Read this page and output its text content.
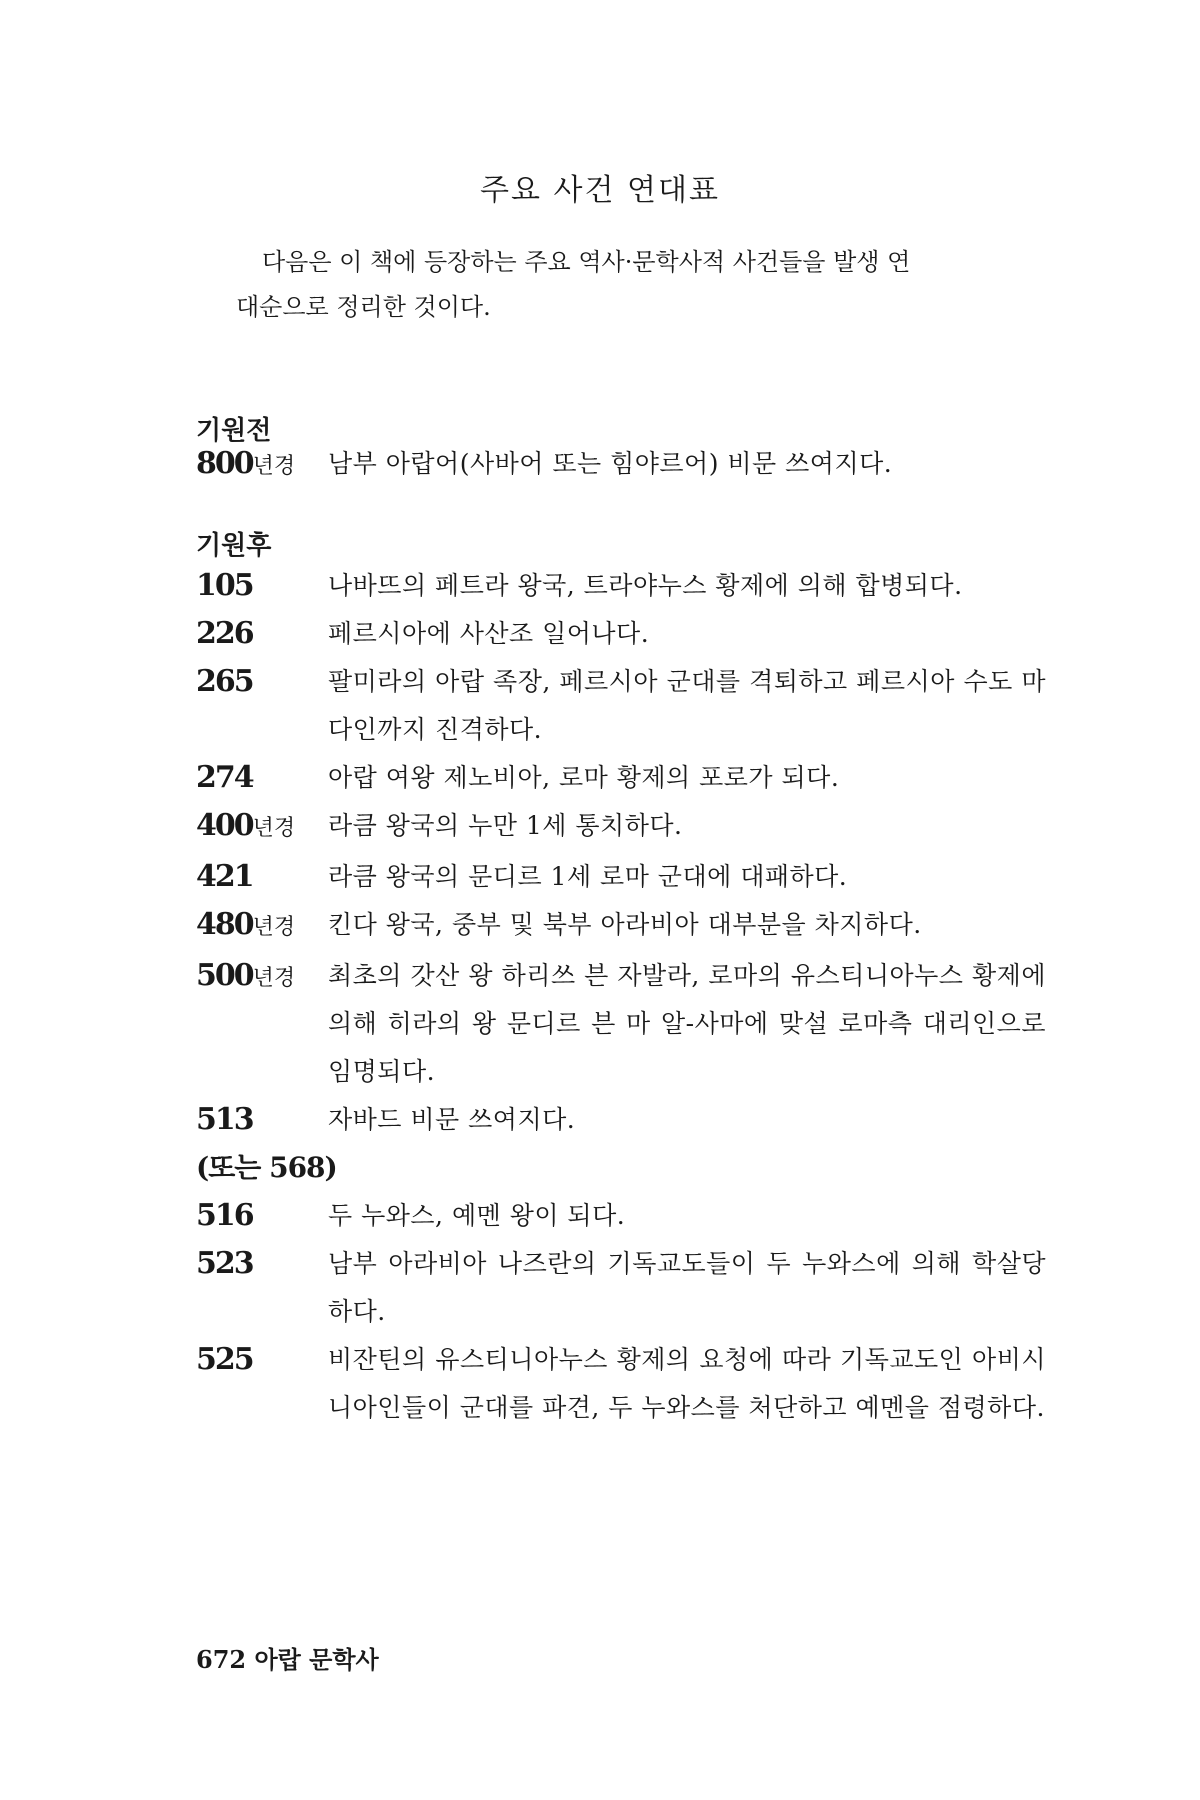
주요 사건 연대표
다음은 이 책에 등장하는 주요 역사·문학사적 사건들을 발생 연
대순으로 정리한 것이다.
기원전
800년경	남부 아랍어(사바어 또는 힘야르어) 비문 쓰여지다.
기원후
105	나바뜨의 페트라 왕국, 트라야누스 황제에 의해 합병되다.
226	페르시아에 사산조 일어나다.
265	팔미라의 아랍 족장, 페르시아 군대를 격퇴하고 페르시아 수도 마다인까지 진격하다.
274	아랍 여왕 제노비아, 로마 황제의 포로가 되다.
400년경	라큼 왕국의 누만 1세 통치하다.
421	라큼 왕국의 문디르 1세 로마 군대에 대패하다.
480년경	킨다 왕국, 중부 및 북부 아라비아 대부분을 차지하다.
500년경	최초의 갓산 왕 하리쓰 븐 자발라, 로마의 유스티니아누스 황제에 의해 히라의 왕 문디르 븐 마 알-사마에 맞설 로마측 대리인으로 임명되다.
513	자바드 비문 쓰여지다.
(또는 568)
516	두 누와스, 예멘 왕이 되다.
523	남부 아라비아 나즈란의 기독교도들이 두 누와스에 의해 학살당하다.
525	비잔틴의 유스티니아누스 황제의 요청에 따라 기독교도인 아비시니아인들이 군대를 파견, 두 누와스를 처단하고 예멘을 점령하다.
672 아랍 문학사
